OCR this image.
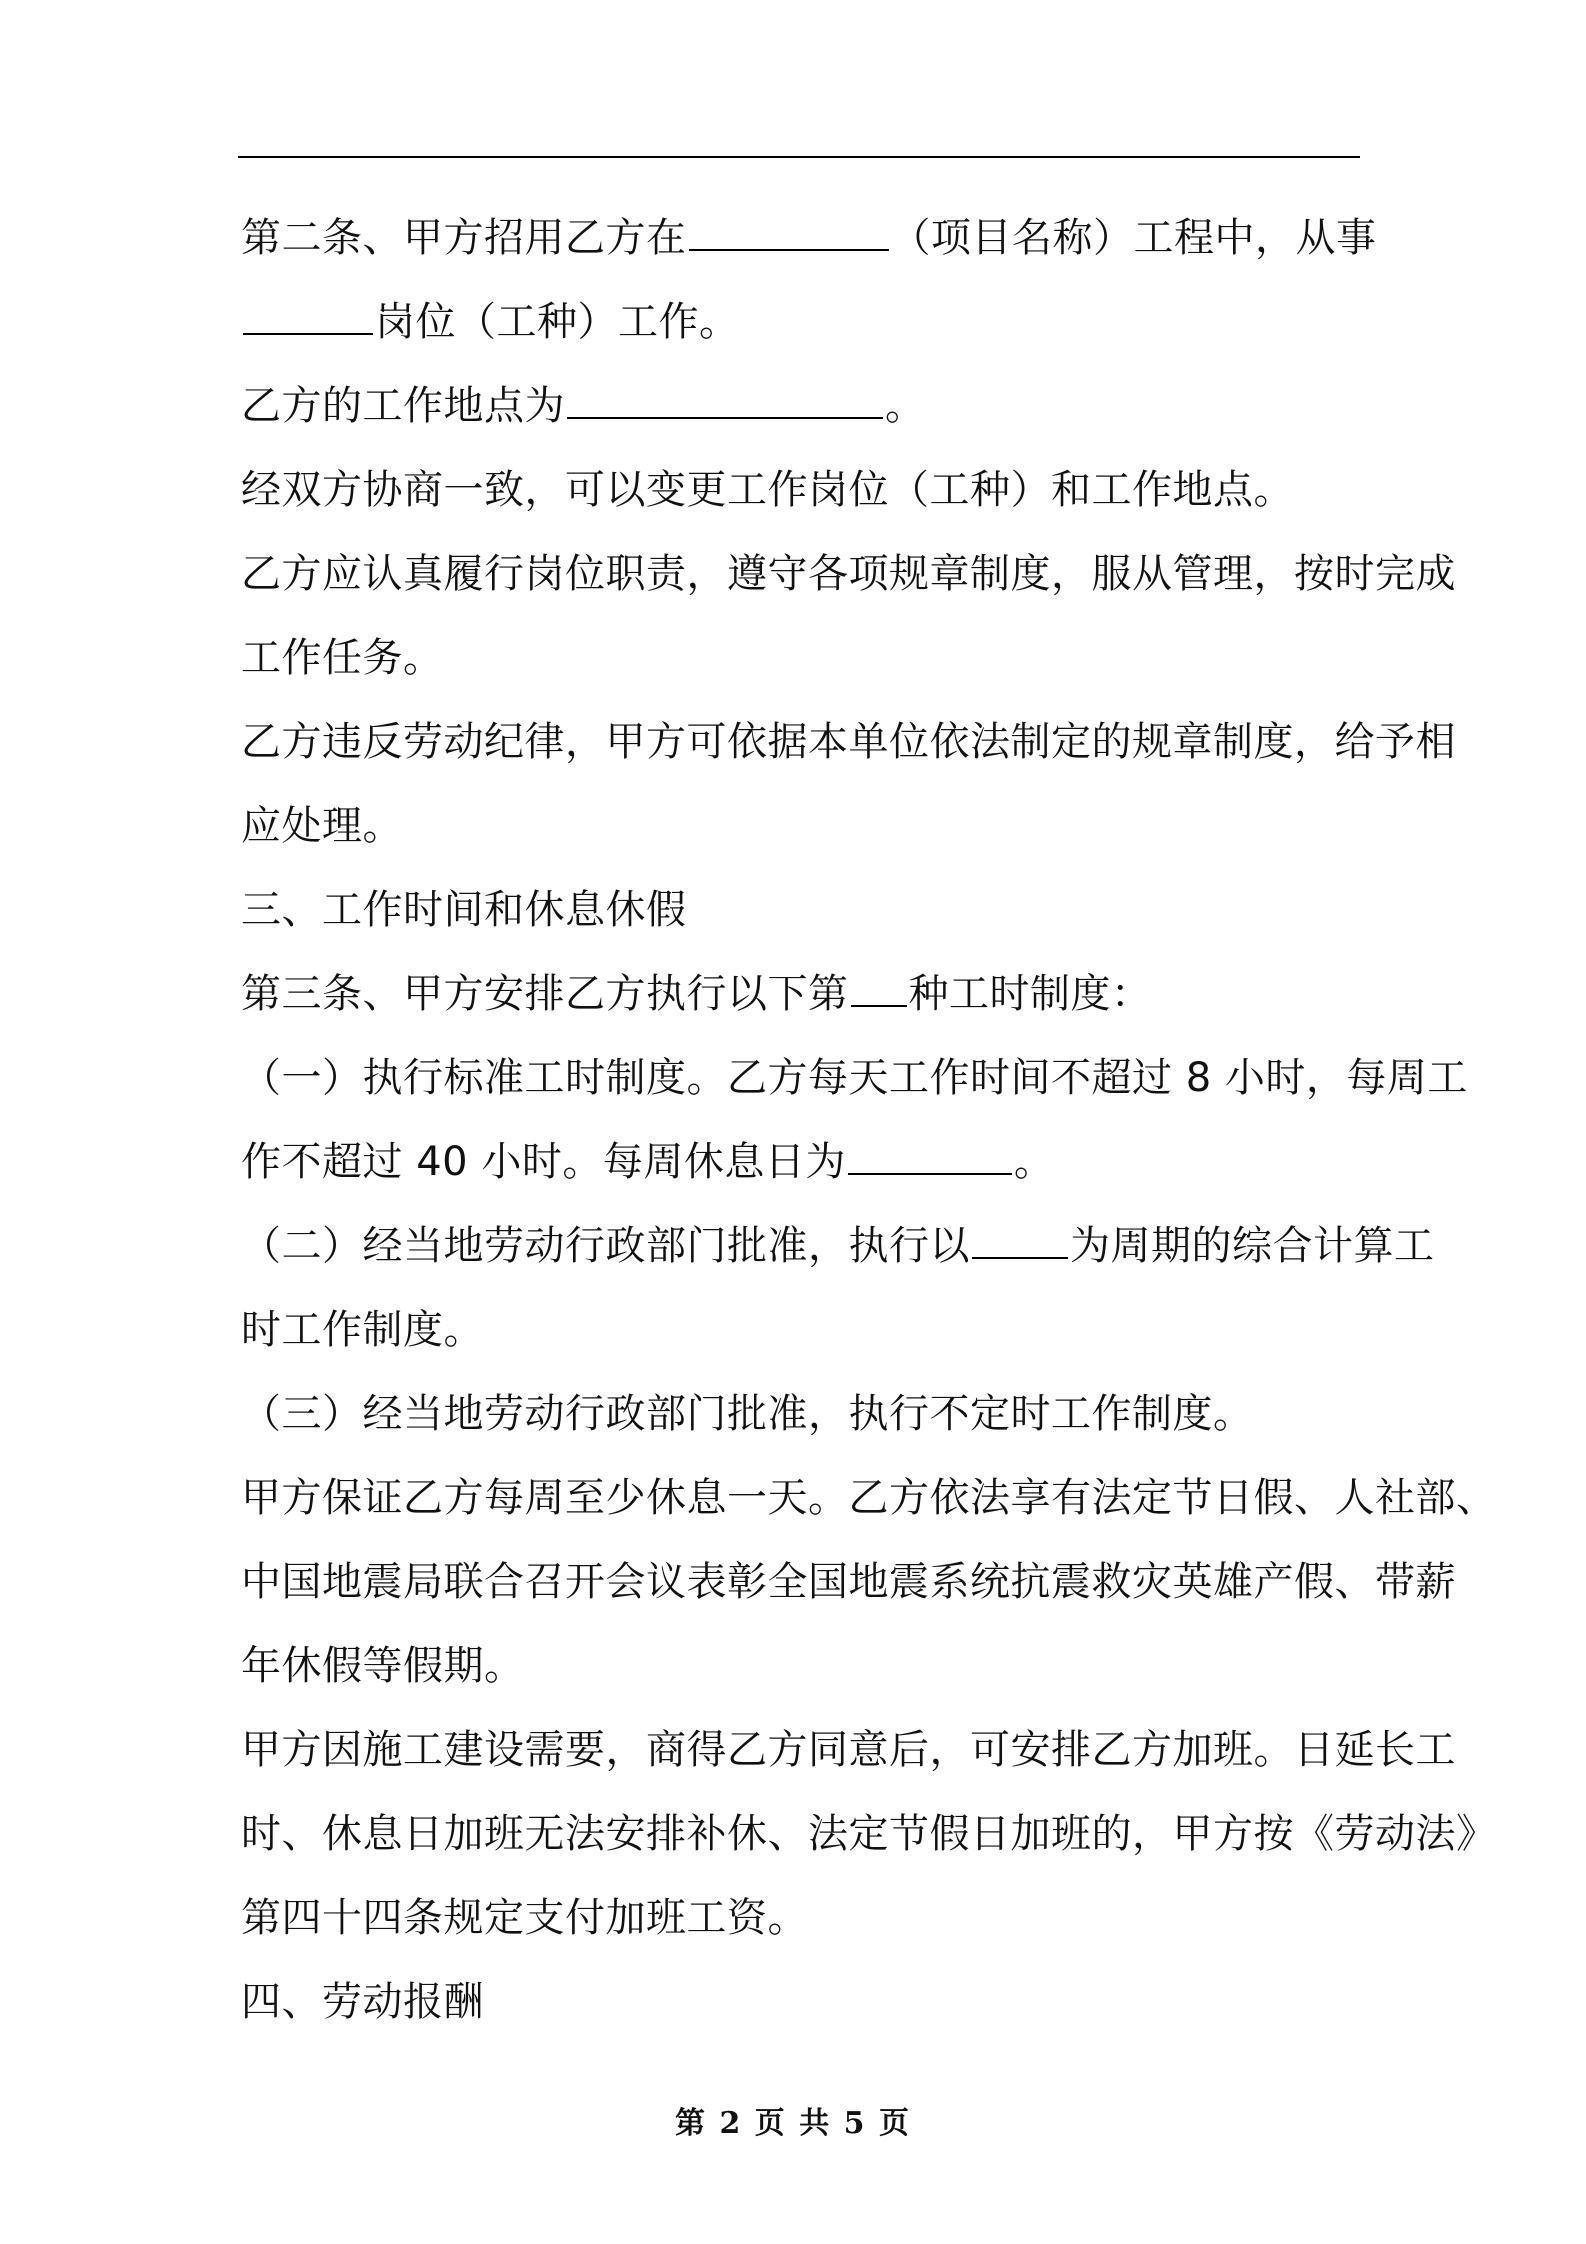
第二条、甲方招用乙方在	（项目名称）工程中，从事
岗位（工种）工作。
乙方的工作地点为	。
经双方协商一致，可以变更工作岗位（工种）和工作地点。
乙方应认真履行岗位职责，遵守各项规章制度，服从管理，按时完成
工作任务。
乙方违反劳动纪律，甲方可依据本单位依法制定的规章制度，给予相
应处理。
三、工作时间和休息休假
第三条、甲方安排乙方执行以下第 种工时制度：
（一）执行标准工时制度。乙方每天工作时间不超过 8 小时，每周工
作不超过 40 小时。每周休息日为	。
（二）经当地劳动行政部门批准，执行以	为周期的综合计算工
时工作制度。
（三）经当地劳动行政部门批准，执行不定时工作制度。
甲方保证乙方每周至少休息一天。乙方依法享有法定节日假、人社部、
中国地震局联合召开会议表彰全国地震系统抗震救灾英雄产假、带薪
年休假等假期。
甲方因施工建设需要，商得乙方同意后，可安排乙方加班。日延长工
时、休息日加班无法安排补休、法定节假日加班的，甲方按《劳动法》
第四十四条规定支付加班工资。
四、劳动报酬
第 2 页 共 5 页
